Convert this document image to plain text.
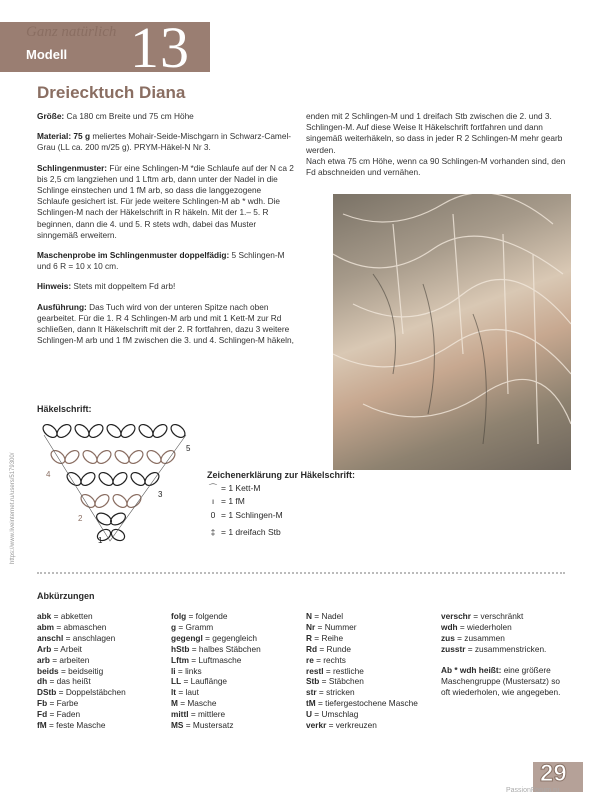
Ganz natürlich
Modell 13
Dreiecktuch Diana

Größe: Ca 180 cm Breite und 75 cm Höhe

Material: 75 g meliertes Mohair-Seide-Mischgarn in Schwarz-Camel-Grau (LL ca. 200 m/25 g). PRYM-Häkel-N Nr 3.

Schlingenmuster: Für eine Schlingen-M *die Schlaufe auf der N ca 2 bis 2,5 cm langziehen und 1 Lftm arb, dann unter der Nadel in die Schlinge einstechen und 1 fM arb, so dass die langgezogene Schlaufe gesichert ist. Für jede weitere Schlingen-M ab * wdh. Die Schlingen-M nach der Häkelschrift in R häkeln. Mit der 1.– 5. R beginnen, dann die 4. und 5. R stets wdh, dabei das Muster sinngemäß erweitern.

Maschenprobe im Schlingenmuster doppelfädig: 5 Schlingen-M und 6 R = 10 x 10 cm.

Hinweis: Stets mit doppeltem Fd arb!

Ausführung: Das Tuch wird von der unteren Spitze nach oben gearbeitet. Für die 1. R 4 Schlingen-M arb und mit 1 Kett-M zur Rd schließen, dann lt Häkelschrift mit der 2. R fortfahren, dazu 3 weitere Schlingen-M arb und 1 fM zwischen die 3. und 4. Schlingen-M häkeln,

enden mit 2 Schlingen-M und 1 dreifach Stb zwischen die 2. und 3. Schlingen-M. Auf diese Weise lt Häkelschrift fortfahren und dann singemäß weiterhäkeln, so dass in jeder R 2 Schlingen-M mehr gearb werden.
Nach etwa 75 cm Höhe, wenn ca 90 Schlingen-M vorhanden sind, den Fd abschneiden und vernähen.
Häkelschrift:
1
2
3
4
5
Zeichenerklärung zur Häkelschrift:
⌒ = 1 Kett-M
ı = 1 fM
0 = 1 Schlingen-M
‡ = 1 dreifach Stb
https://www.liveinternet.ru/users/5179300/
Abkürzungen
abk = abketten
abm = abmaschen
anschl = anschlagen
Arb = Arbeit
arb = arbeiten
beids = beidseitig
dh = das heißt
DStb = Doppelstäbchen
Fb = Farbe
Fd = Faden
fM = feste Masche
folg = folgende
g = Gramm
gegengl = gegengleich
hStb = halbes Stäbchen
Lftm = Luftmasche
li = links
LL = Lauflänge
lt = laut
M = Masche
mittl = mittlere
MS = Mustersatz
N = Nadel
Nr = Nummer
R = Reihe
Rd = Runde
re = rechts
restl = restliche
Stb = Stäbchen
str = stricken
tM = tiefergestochene Masche
U = Umschlag
verkr = verkreuzen
verschr = verschränkt
wdh = wiederholen
zus = zusammen
zusstr = zusammenstricken.
Ab * wdh heißt: eine größere Maschengruppe (Mustersatz) so oft wiederholen, wie angegeben.
29
PassionForum.ru
